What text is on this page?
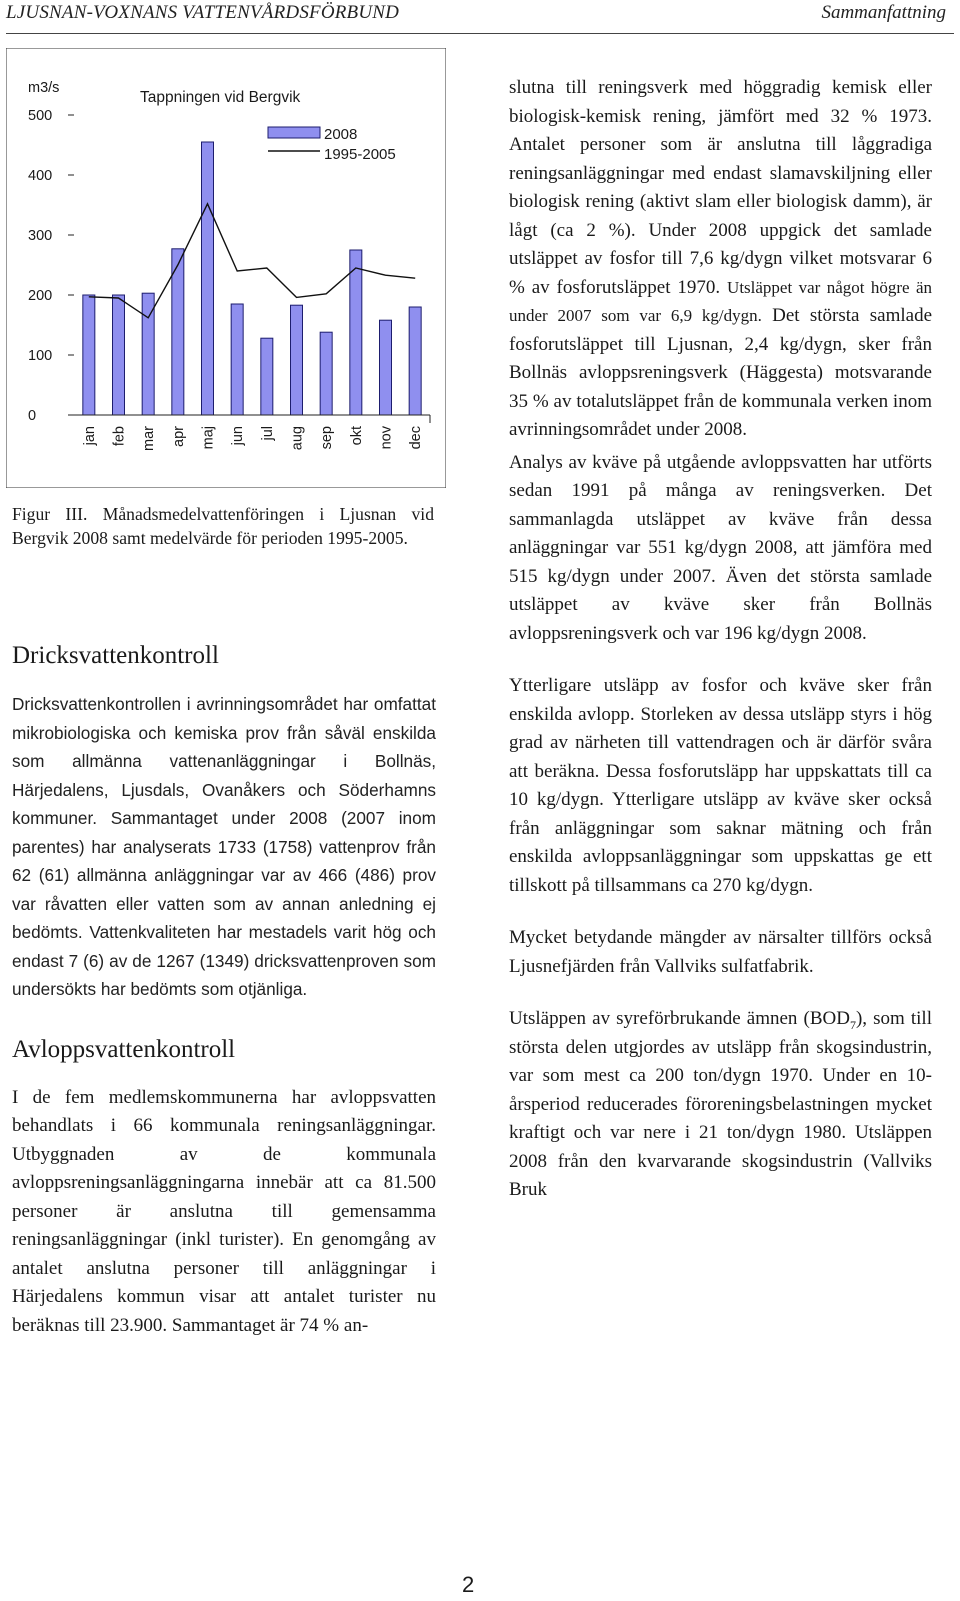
LJUSNAN-VOXNANS VATTENVÅRDSFÖRBUND	Sammanfattning
m3/s
Tappningen vid Bergvik
0
100
200
300
400
500
jan feb mar apr maj jun jul aug sep okt nov dec
2008
1995-2005

Figur III. Månadsmedelvattenföringen i Ljusnan vid Bergvik 2008 samt medelvärde för perioden 1995-2005.

Dricksvattenkontroll

Dricksvattenkontrollen i avrinningsområdet har omfattat mikrobiologiska och kemiska prov från såväl enskilda som allmänna vattenanläggningar i Bollnäs, Härjedalens, Ljusdals, Ovanåkers och Söderhamns kommuner. Sammantaget under 2008 (2007 inom parentes) har analyserats 1733 (1758) vattenprov från 62 (61) allmänna anläggningar var av 466 (486) prov var råvatten eller vatten som av annan anledning ej bedömts. Vattenkvaliteten har mestadels varit hög och endast 7 (6) av de 1267 (1349) dricksvattenproven som undersökts har bedömts som otjänliga.

Avloppsvattenkontroll

I de fem medlemskommunerna har avloppsvatten behandlats i 66 kommunala reningsanläggningar. Utbyggnaden av de kommunala avloppsreningsanläggningarna innebär att ca 81.500 personer är anslutna till gemensamma reningsanläggningar (inkl turister). En genomgång av antalet anslutna personer till anläggningar i Härjedalens kommun visar att antalet turister nu beräknas till 23.900. Sammantaget är 74 % an-

slutna till reningsverk med höggradig kemisk eller biologisk-kemisk rening, jämfört med 32 % 1973. Antalet personer som är anslutna till låggradiga reningsanläggningar med endast slamavskiljning eller biologisk rening (aktivt slam eller biologisk damm), är lågt (ca 2 %). Under 2008 uppgick det samlade utsläppet av fosfor till 7,6 kg/dygn vilket motsvarar 6 % av fosforutsläppet 1970. Utsläppet var något högre än under 2007 som var 6,9 kg/dygn. Det största samlade fosforutsläppet till Ljusnan, 2,4 kg/dygn, sker från Bollnäs avloppsreningsverk (Häggesta) motsvarande 35 % av totalutsläppet från de kommunala verken inom avrinningsområdet under 2008.

Analys av kväve på utgående avloppsvatten har utförts sedan 1991 på många av reningsverken. Det sammanlagda utsläppet av kväve från dessa anläggningar var 551 kg/dygn 2008, att jämföra med 515 kg/dygn under 2007. Även det största samlade utsläppet av kväve sker från Bollnäs avloppsreningsverk och var 196 kg/dygn 2008.

Ytterligare utsläpp av fosfor och kväve sker från enskilda avlopp. Storleken av dessa utsläpp styrs i hög grad av närheten till vattendragen och är därför svåra att beräkna. Dessa fosforutsläpp har uppskattats till ca 10 kg/dygn. Ytterligare utsläpp av kväve sker också från anläggningar som saknar mätning och från enskilda avloppsanläggningar som uppskattas ge ett tillskott på tillsammans ca 270 kg/dygn.

Mycket betydande mängder av närsalter tillförs också Ljusnefjärden från Vallviks sulfatfabrik.

Utsläppen av syreförbrukande ämnen $(BOD_7)$, som till största delen utgjordes av utsläpp från skogsindustrin, var som mest ca 200 ton/dygn 1970. Under en 10-årsperiod reducerades föroreningsbelastningen mycket kraftigt och var nere i 21 ton/dygn 1980. Utsläppen 2008 från den kvarvarande skogsindustrin (Vallviks Bruk

2
